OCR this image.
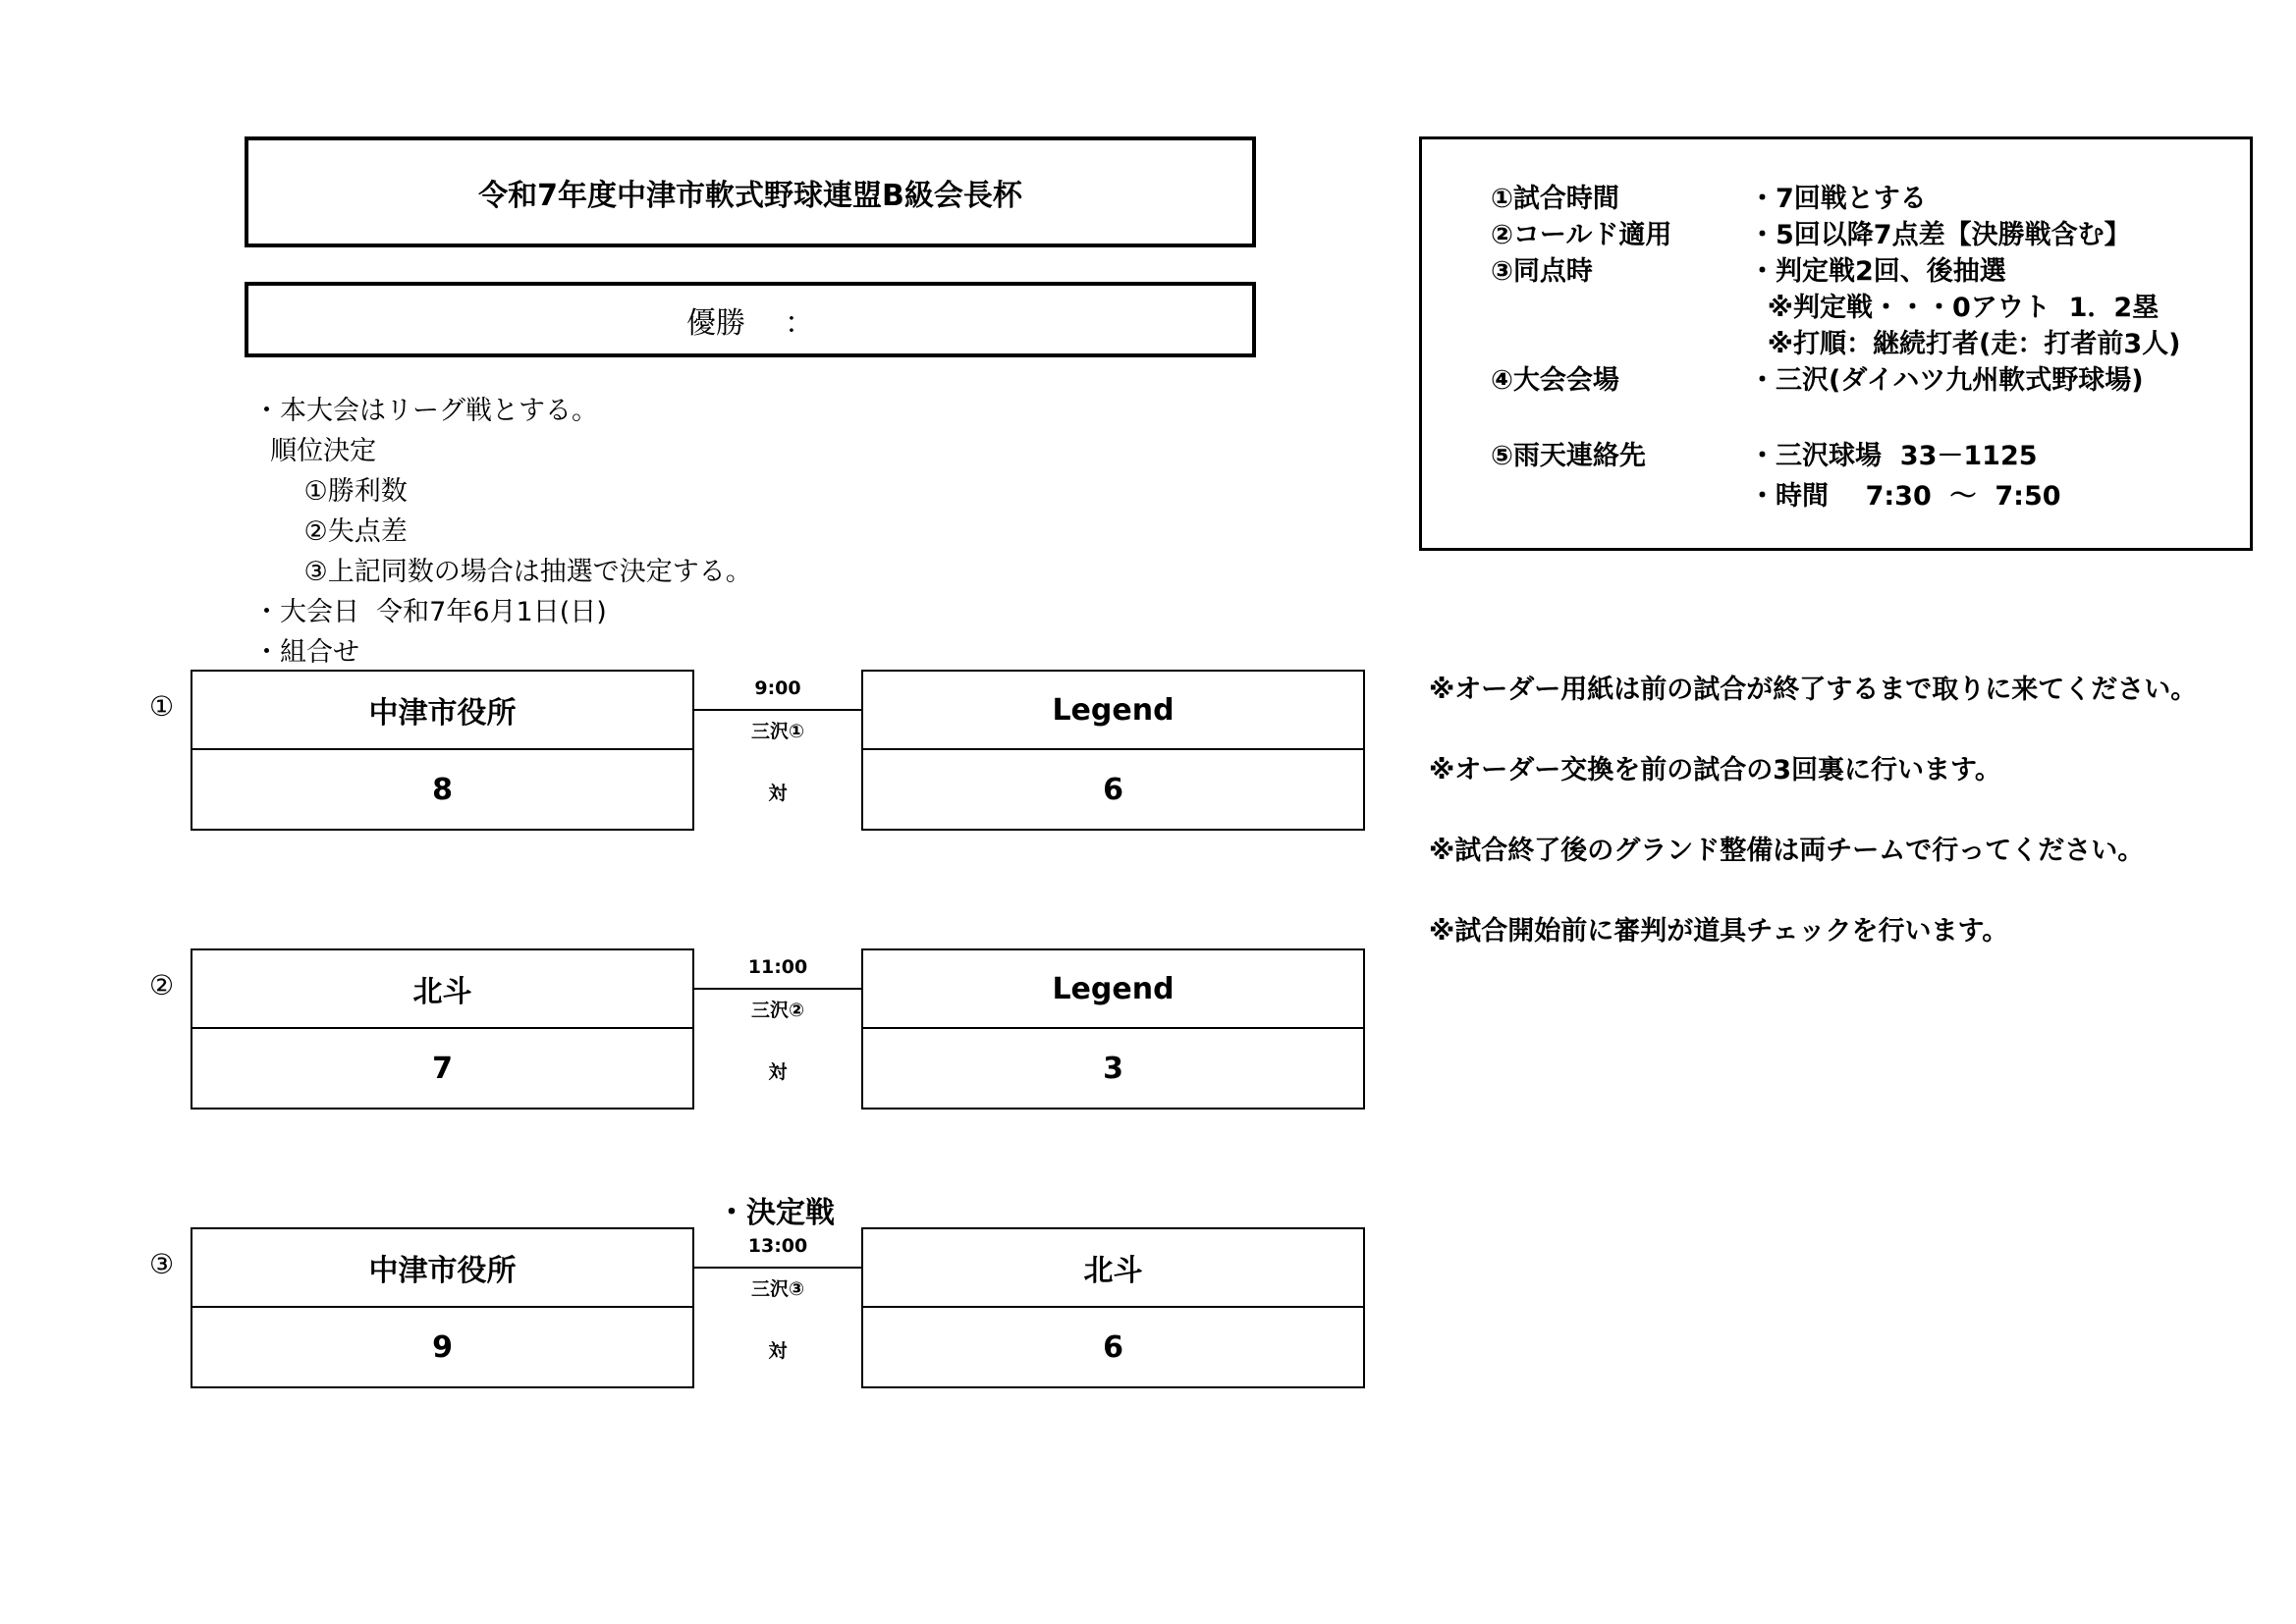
令和7年度中津市軟式野球連盟B級会長杯
優勝 ：
・本大会はリーグ戦とする。
順位決定
①勝利数
②失点差
③上記同数の場合は抽選で決定する。
・大会日  令和7年6月1日(日)
・組合せ
①試合時間	・7回戦とする
②コールド適用	・5回以降7点差【決勝戦含む】
③同点時	・判定戦2回、後抽選
※判定戦・・・0アウト  1．2塁
※打順：継続打者(走：打者前3人)
④大会会場	・三沢(ダイハツ九州軟式野球場)
⑤雨天連絡先	・三沢球場  33－1125
・時間    7:30  ～  7:50
※オーダー用紙は前の試合が終了するまで取りに来てください。
※オーダー交換を前の試合の3回裏に行います。
※試合終了後のグランド整備は両チームで行ってください。
※試合開始前に審判が道具チェックを行います。
①	中津市役所
8
9:00
三沢①
対
Legend
6
②	北斗
7
11:00
三沢②
対
Legend
3
・決定戦
③	中津市役所
9
13:00
三沢③
対
北斗
6
